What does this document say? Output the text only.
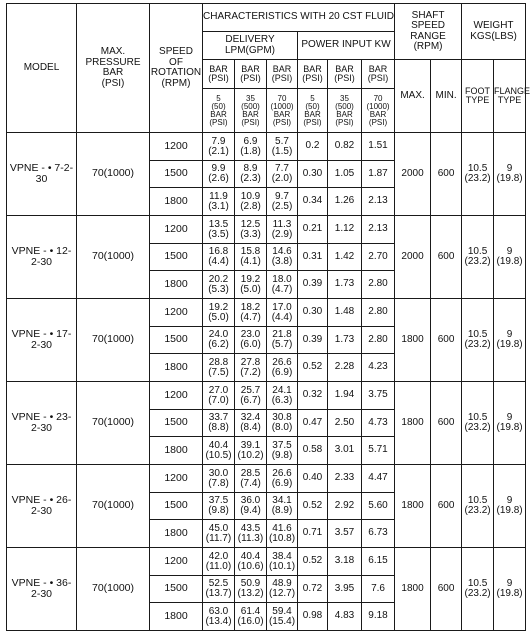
MODEL	MAX.
PRESSURE
BAR
(PSI)	SPEED
OF
ROTATION
(RPM)	CHARACTERISTICS WITH 20 CST FLUID						SHAFT SPEED
RANGE
(RPM)		WEIGHT
KGS(LBS)	

			DELIVERY LPM(GPM)			POWER INPUT KW						

			BAR
(PSI)	BAR
(PSI)	BAR
(PSI)	BAR
(PSI)	BAR
(PSI)	BAR
(PSI)	MAX.	MIN.	FOOT
TYPE	FLANGE
TYPE

			5
(50)
BAR
(PSI)	35
(500)
BAR
(PSI)	70
(1000)
BAR
(PSI)	5
(50)
BAR
(PSI)	35
(500)
BAR
(PSI)	70
(1000)
BAR
(PSI)				

VPNE - • 7-2-30	70(1000)	1200	7.9
(2.1)	6.9
(1.8)	5.7
(1.5)	0.2	0.82	1.51	2000	600	10.5
(23.2)	9
(19.8)

		1500	9.9
(2.6)	8.9
(2.3)	7.7
(2.0)	0.30	1.05	1.87				
		1800	11.9
(3.1)	10.9
(2.8)	9.7
(2.5)	0.34	1.26	2.13				
VPNE - • 12-2-30	70(1000)	1200	13.5
(3.5)	12.5
(3.3)	11.3
(2.9)	0.21	1.12	2.13	2000	600	10.5
(23.2)	9
(19.8)

		1500	16.8
(4.4)	15.8
(4.1)	14.6
(3.8)	0.31	1.42	2.70				
		1800	20.2
(5.3)	19.2
(5.0)	18.0
(4.7)	0.39	1.73	2.80				
VPNE - • 17-2-30	70(1000)	1200	19.2
(5.0)	18.2
(4.7)	17.0
(4.4)	0.30	1.48	2.80	1800	600	10.5
(23.2)	9
(19.8)

		1500	24.0
(6.2)	23.0
(6.0)	21.8
(5.7)	0.39	1.73	2.80				
		1800	28.8
(7.5)	27.8
(7.2)	26.6
(6.9)	0.52	2.28	4.23				
VPNE - • 23-2-30	70(1000)	1200	27.0
(7.0)	25.7
(6.7)	24.1
(6.3)	0.32	1.94	3.75	1800	600	10.5
(23.2)	9
(19.8)

		1500	33.7
(8.8)	32.4
(8.4)	30.8
(8.0)	0.47	2.50	4.73				
		1800	40.4
(10.5)	39.1
(10.2)	37.5
(9.8)	0.58	3.01	5.71				
VPNE - • 26-2-30	70(1000)	1200	30.0
(7.8)	28.5
(7.4)	26.6
(6.9)	0.40	2.33	4.47	1800	600	10.5
(23.2)	9
(19.8)

		1500	37.5
(9.8)	36.0
(9.4)	34.1
(8.9)	0.52	2.92	5.60				
		1800	45.0
(11.7)	43.5
(11.3)	41.6
(10.8)	0.71	3.57	6.73				
VPNE - • 36-2-30	70(1000)	1200	42.0
(11.0)	40.4
(10.6)	38.4
(10.1)	0.52	3.18	6.15	1800	600	10.5
(23.2)	9
(19.8)

		1500	52.5
(13.7)	50.9
(13.2)	48.9
(12.7)	0.72	3.95	7.6				
		1800	63.0
(13.4)	61.4
(16.0)	59.4
(15.4)	0.98	4.83	9.18				
